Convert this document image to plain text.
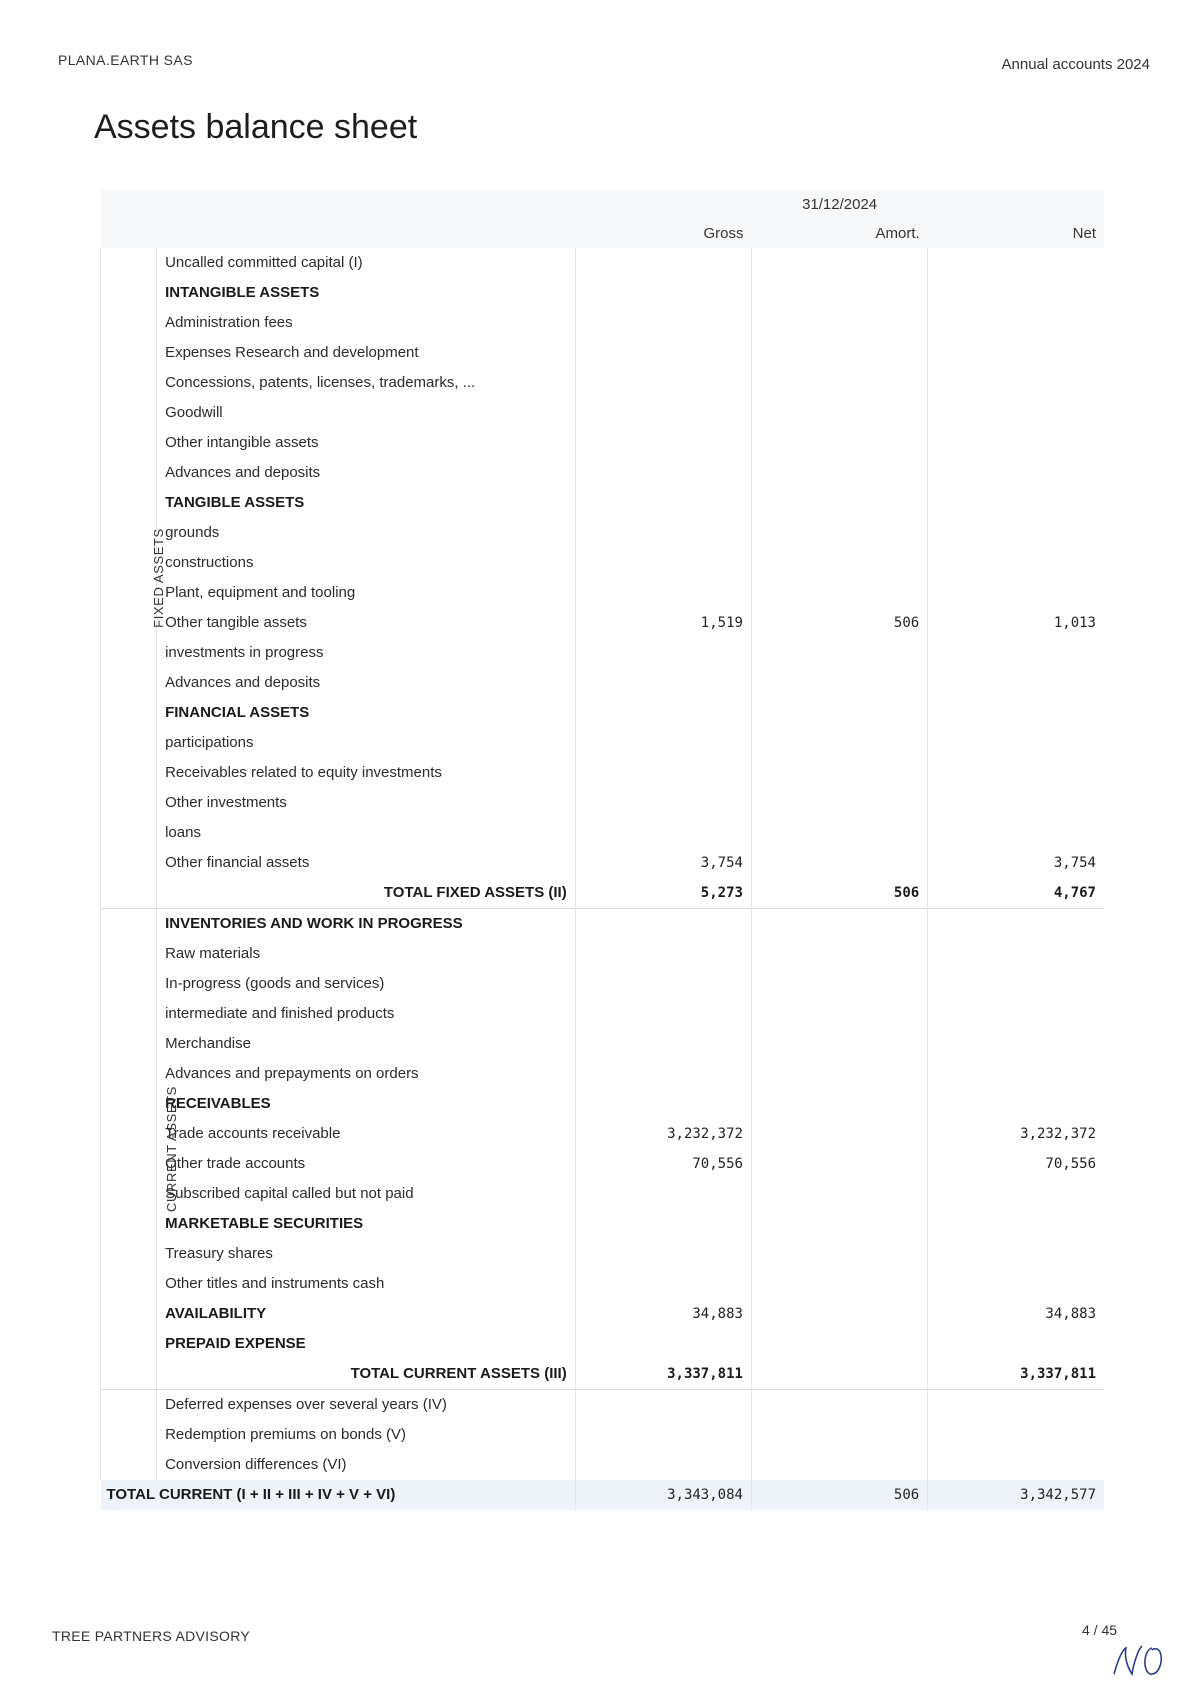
PLANA.EARTH SAS	Annual accounts 2024
Assets balance sheet
		31/12/2024		
		Gross	Amort.	Net
FIXED ASSETS	Uncalled committed capital (I)			
	INTANGIBLE ASSETS			
	Administration fees			
	Expenses Research and development			
	Concessions, patents, licenses, trademarks, ...			
	Goodwill			
	Other intangible assets			
	Advances and deposits			
	TANGIBLE ASSETS			
	grounds			
	constructions			
	Plant, equipment and tooling			
	Other tangible assets	1,519	506	1,013
	investments in progress			
	Advances and deposits			
	FINANCIAL ASSETS			
	participations			
	Receivables related to equity investments			
	Other investments			
	loans			
	Other financial assets	3,754		3,754
	TOTAL FIXED ASSETS (II)	5,273	506	4,767
CURRENT ASSETS	INVENTORIES AND WORK IN PROGRESS			
	Raw materials			
	In-progress (goods and services)			
	intermediate and finished products			
	Merchandise			
	Advances and prepayments on orders			
	RECEIVABLES			
	Trade accounts receivable	3,232,372		3,232,372
	Other trade accounts	70,556		70,556
	Subscribed capital called but not paid			
	MARKETABLE SECURITIES			
	Treasury shares			
	Other titles and instruments cash			
	AVAILABILITY	34,883		34,883
	PREPAID EXPENSE			
	TOTAL CURRENT ASSETS (III)	3,337,811		3,337,811
	Deferred expenses over several years (IV)			
	Redemption premiums on bonds (V)			
	Conversion differences (VI)			
TOTAL CURRENT (I + II + III + IV + V + VI)		3,343,084	506	3,342,577
TREE PARTNERS ADVISORY	4 / 45
